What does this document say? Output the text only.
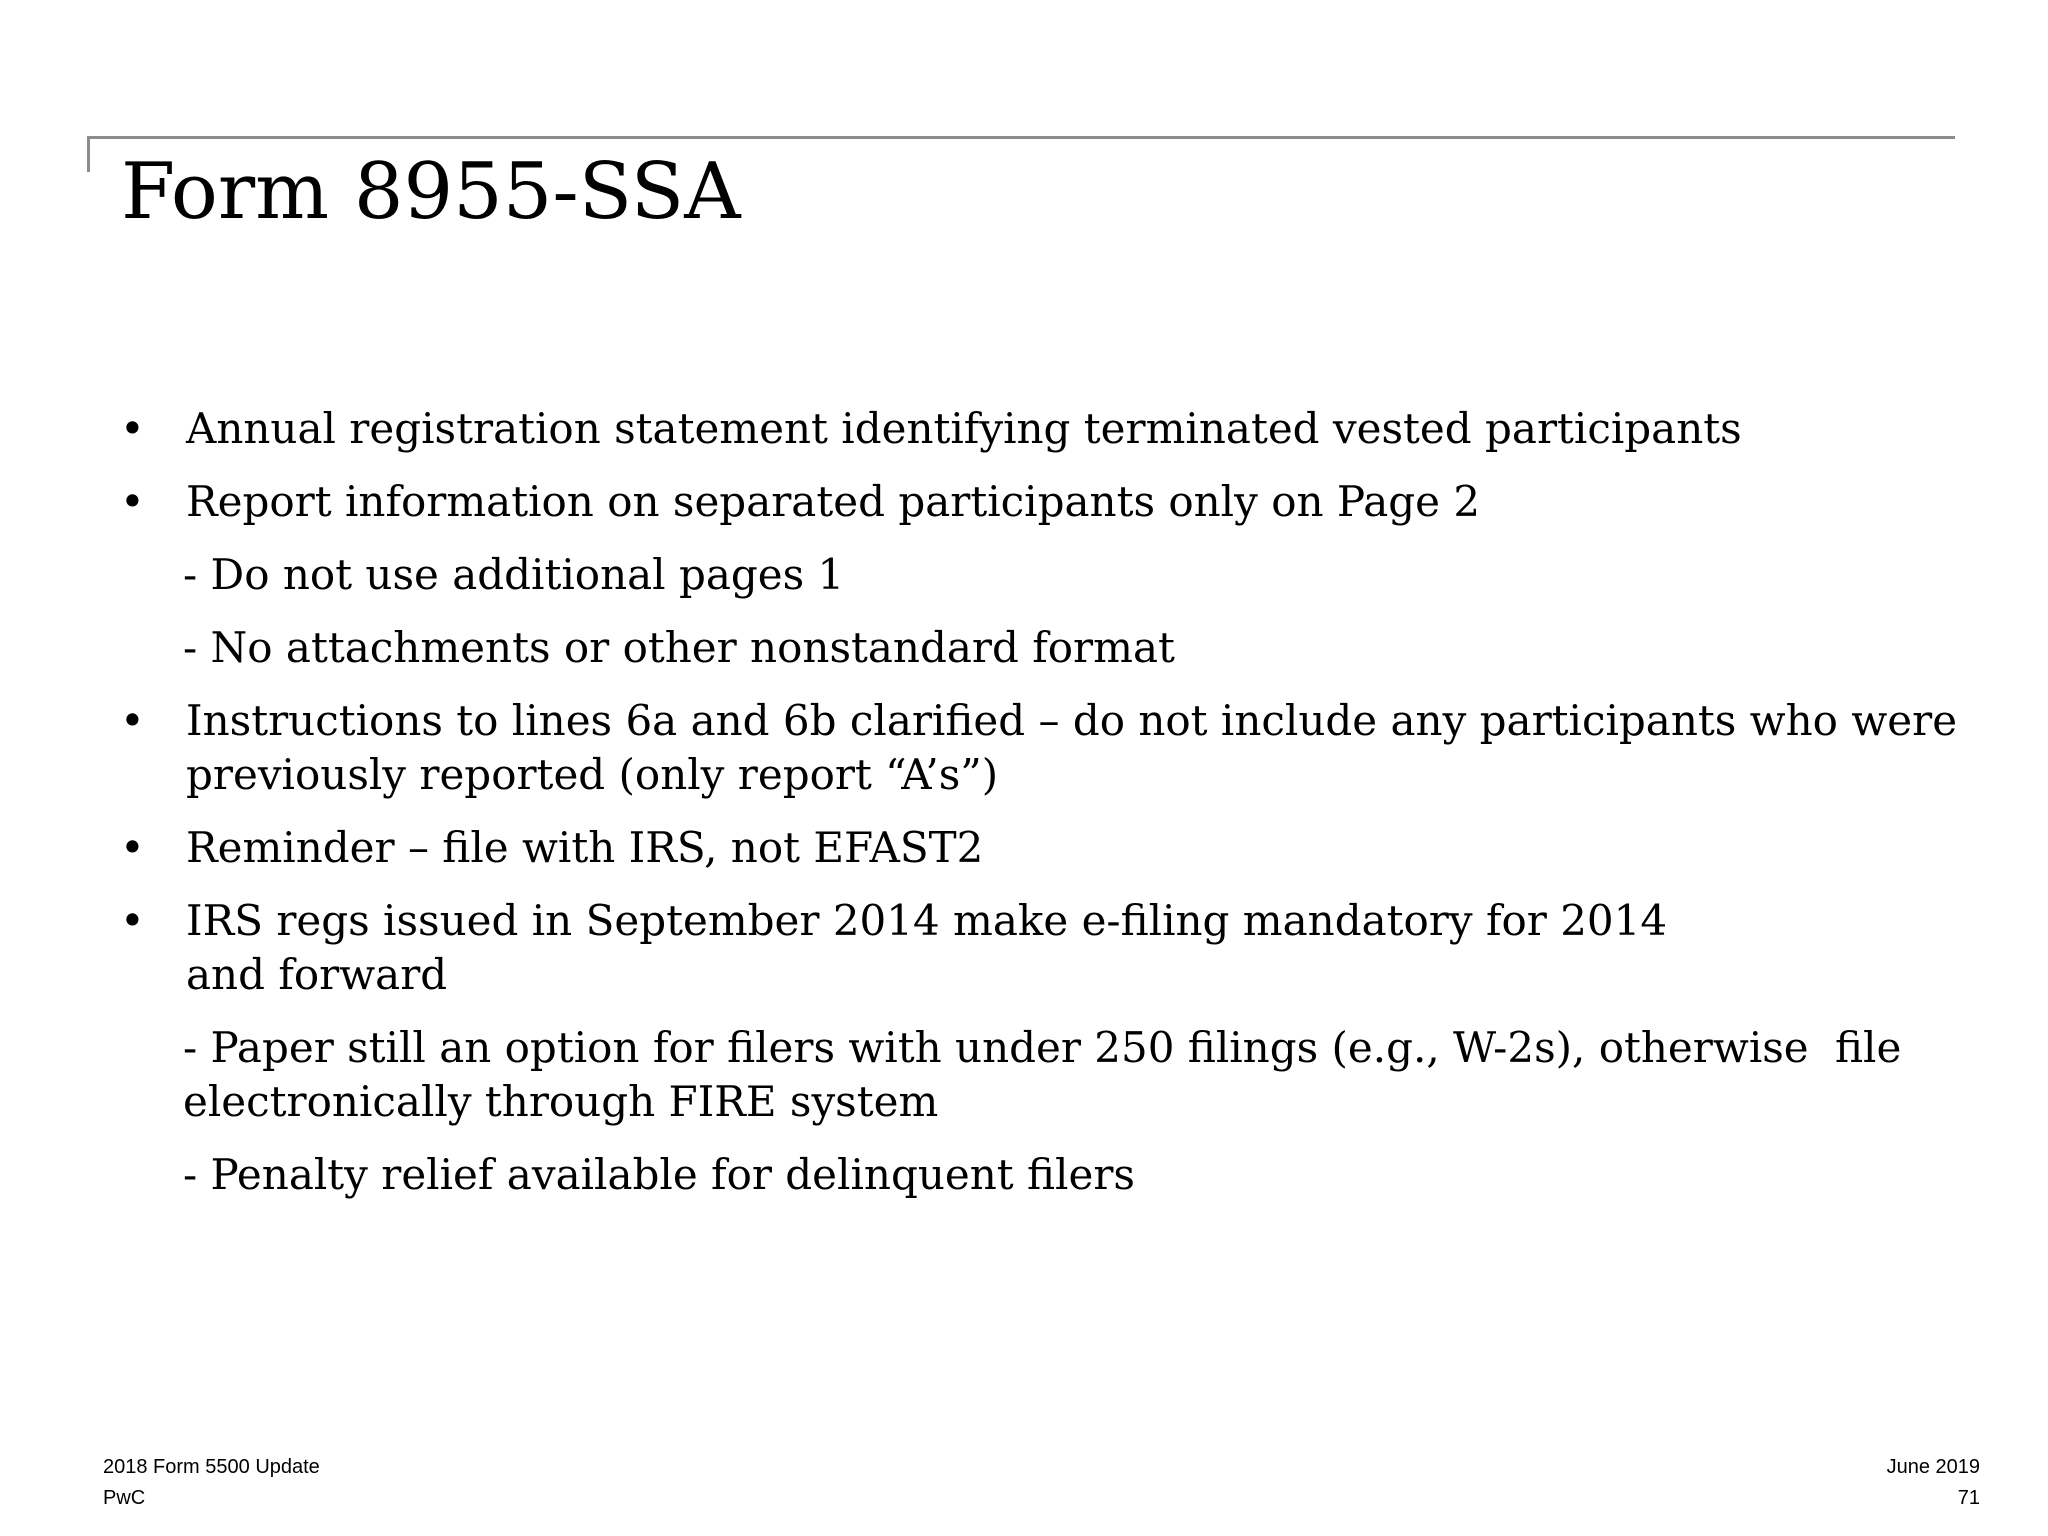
Form 8955-SSA
• Annual registration statement identifying terminated vested participants
• Report information on separated participants only on Page 2
- Do not use additional pages 1
- No attachments or other nonstandard format
• Instructions to lines 6a and 6b clarified – do not include any participants who were
previously reported (only report “A’s”)
• Reminder – file with IRS, not EFAST2
• IRS regs issued in September 2014 make e-filing mandatory for 2014
and forward
- Paper still an option for filers with under 250 filings (e.g., W-2s), otherwise file
electronically through FIRE system
- Penalty relief available for delinquent filers
2018 Form 5500 Update
PwC
June 2019
71
